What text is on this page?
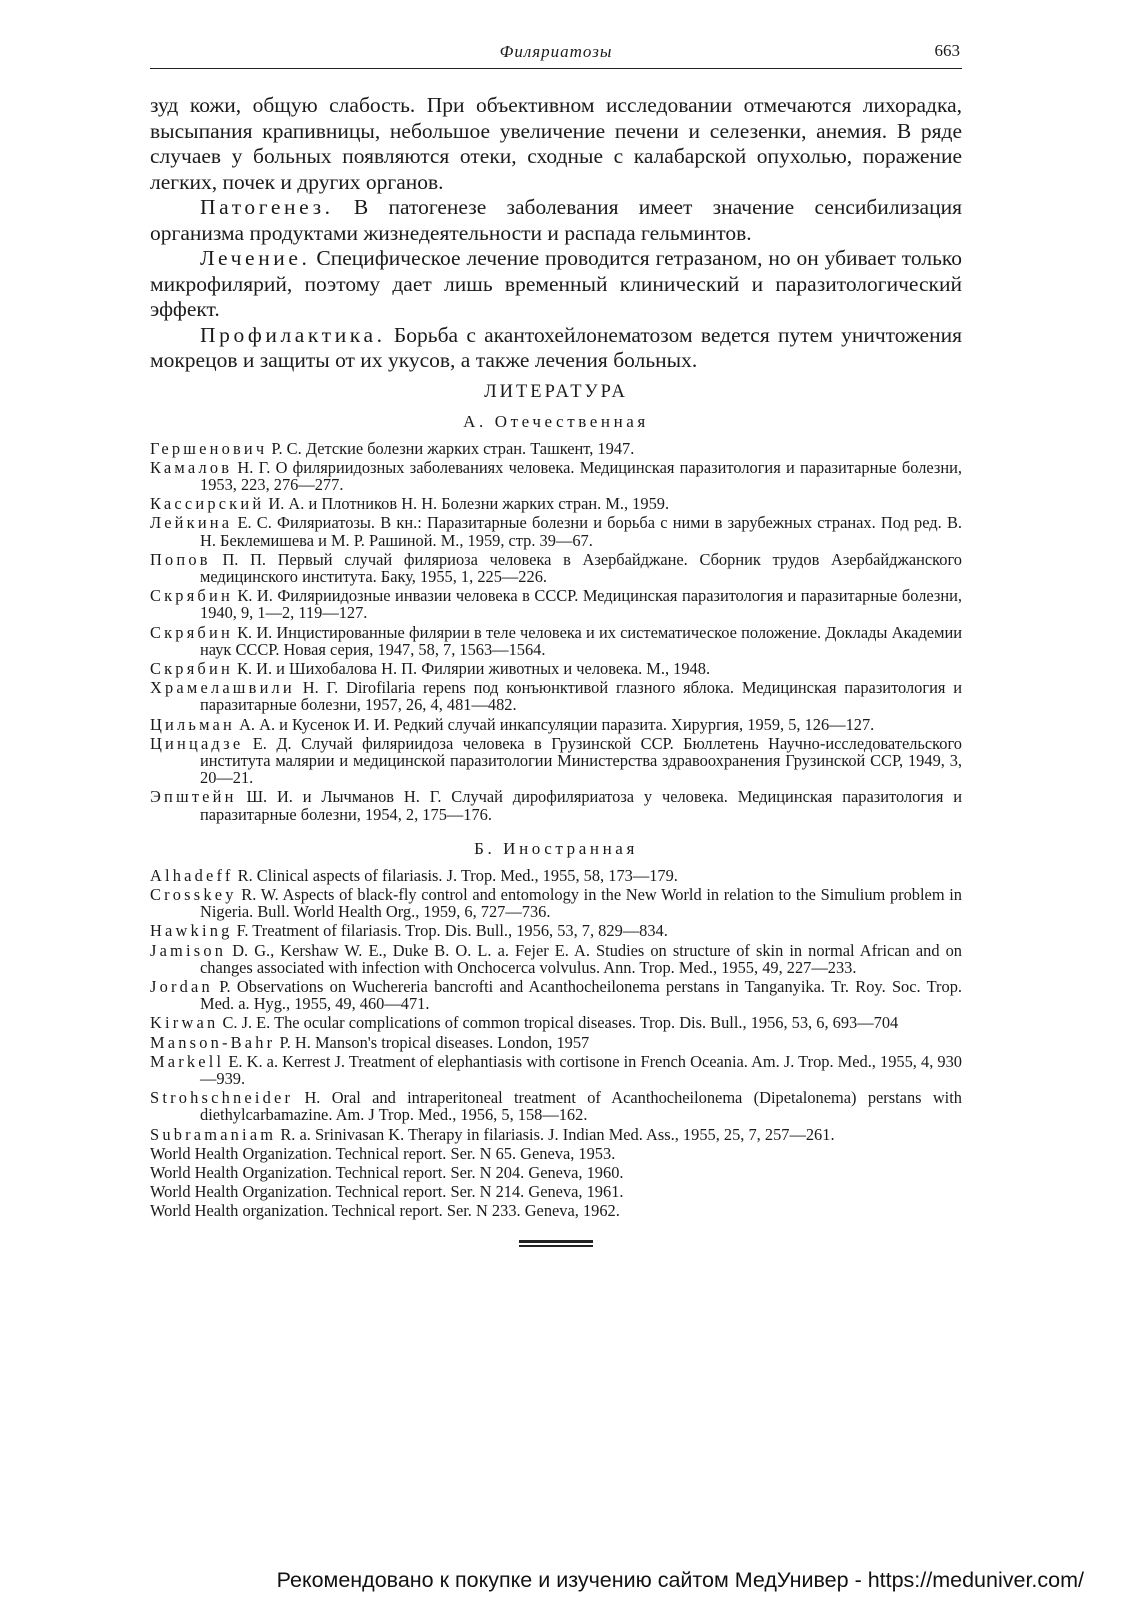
Филяриатозы	663

зуд кожи, общую слабость. При объективном исследовании отмечаются лихорадка, высыпания крапивницы, небольшое увеличение печени и селезенки, анемия. В ряде случаев у больных появляются отеки, сходные с калабарской опухолью, поражение легких, почек и других органов.

Патогенез. В патогенезе заболевания имеет значение сенсибилизация организма продуктами жизнедеятельности и распада гельминтов.

Лечение. Специфическое лечение проводится гетразаном, но он убивает только микрофилярий, поэтому дает лишь временный клинический и паразитологический эффект.

Профилактика. Борьба с акантохейлонематозом ведется путем уничтожения мокрецов и защиты от их укусов, а также лечения больных.

ЛИТЕРАТУРА
А. Отечественная

Гершенович Р. С. Детские болезни жарких стран. Ташкент, 1947.

Камалов Н. Г. О филяриидозных заболеваниях человека. Медицинская паразитология и паразитарные болезни, 1953, 223, 276—277.

Кассирский И. А. и Плотников Н. Н. Болезни жарких стран. М., 1959.

Лейкина Е. С. Филяриатозы. В кн.: Паразитарные болезни и борьба с ними в зарубежных странах. Под ред. В. Н. Беклемишева и М. Р. Рашиной. М., 1959, стр. 39—67.

Попов П. П. Первый случай филяриоза человека в Азербайджане. Сборник трудов Азербайджанского медицинского института. Баку, 1955, 1, 225—226.

Скрябин К. И. Филяриидозные инвазии человека в СССР. Медицинская паразитология и паразитарные болезни, 1940, 9, 1—2, 119—127.

Скрябин К. И. Инцистированные филярии в теле человека и их систематическое положение. Доклады Академии наук СССР. Новая серия, 1947, 58, 7, 1563—1564.

Скрябин К. И. и Шихобалова Н. П. Филярии животных и человека. М., 1948.

Храмелашвили Н. Г. Dirofilaria repens под конъюнктивой глазного яблока. Медицинская паразитология и паразитарные болезни, 1957, 26, 4, 481—482.

Цильман А. А. и Кусенок И. И. Редкий случай инкапсуляции паразита. Хирургия, 1959, 5, 126—127.

Цинцадзе Е. Д. Случай филяриидоза человека в Грузинской ССР. Бюллетень Научно-исследовательского института малярии и медицинской паразитологии Министерства здравоохранения Грузинской ССР, 1949, 3, 20—21.

Эпштейн Ш. И. и Лычманов Н. Г. Случай дирофиляриатоза у человека. Медицинская паразитология и паразитарные болезни, 1954, 2, 175—176.

Б. Иностранная

Alhadeff R. Clinical aspects of filariasis. J. Trop. Med., 1955, 58, 173—179.

Crosskey R. W. Aspects of black-fly control and entomology in the New World in relation to the Simulium problem in Nigeria. Bull. World Health Org., 1959, 6, 727—736.

Hawking F. Treatment of filariasis. Trop. Dis. Bull., 1956, 53, 7, 829—834.

Jamison D. G., Kershaw W. E., Duke B. O. L. a. Fejer E. A. Studies on structure of skin in normal African and on changes associated with infection with Onchocerca volvulus. Ann. Trop. Med., 1955, 49, 227—233.

Jordan P. Observations on Wuchereria bancrofti and Acanthocheilonema perstans in Tanganyika. Tr. Roy. Soc. Trop. Med. a. Hyg., 1955, 49, 460—471.

Kirwan C. J. E. The ocular complications of common tropical diseases. Trop. Dis. Bull., 1956, 53, 6, 693—704

Manson-Bahr P. H. Manson's tropical diseases. London, 1957

Markell E. K. a. Kerrest J. Treatment of elephantiasis with cortisone in French Oceania. Am. J. Trop. Med., 1955, 4, 930—939.

Strohschneider H. Oral and intraperitoneal treatment of Acanthocheilonema (Dipetalonema) perstans with diethylcarbamazine. Am. J Trop. Med., 1956, 5, 158—162.

Subramaniam R. a. Srinivasan K. Therapy in filariasis. J. Indian Med. Ass., 1955, 25, 7, 257—261.

World Health Organization. Technical report. Ser. N 65. Geneva, 1953.

World Health Organization. Technical report. Ser. N 204. Geneva, 1960.

World Health Organization. Technical report. Ser. N 214. Geneva, 1961.

World Health organization. Technical report. Ser. N 233. Geneva, 1962.

Рекомендовано к покупке и изучению сайтом МедУнивер - https://meduniver.com/
